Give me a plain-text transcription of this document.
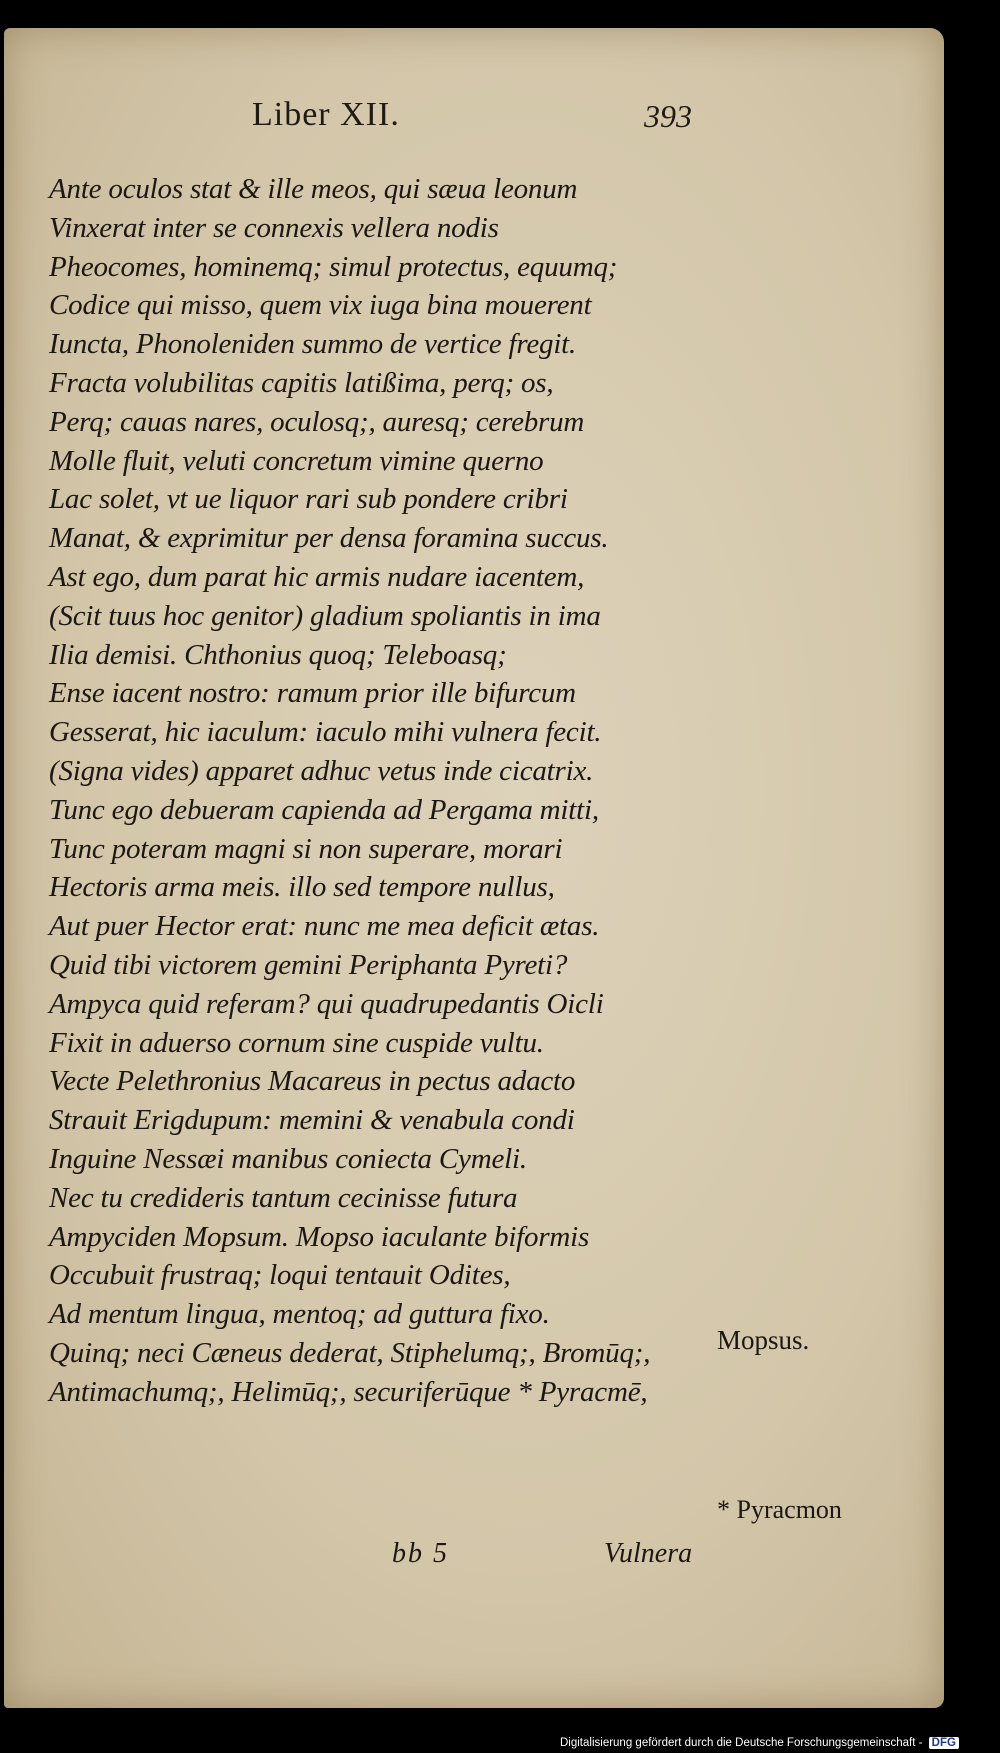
Liber XII.	393
Ante oculos stat & ille meos, qui sæua leonum
Vinxerat inter se connexis vellera nodis
Pheocomes, hominemq; simul protectus, equumq;
Codice qui misso, quem vix iuga bina mouerent
Iuncta, Phonoleniden summo de vertice fregit.
Fracta volubilitas capitis latißima, perq; os,
Perq; cauas nares, oculosq;, auresq; cerebrum
Molle fluit, veluti concretum vimine querno
Lac solet, vt ue liquor rari sub pondere cribri
Manat, & exprimitur per densa foramina succus.
Ast ego, dum parat hic armis nudare iacentem,
(Scit tuus hoc genitor) gladium spoliantis in ima
Ilia demisi. Chthonius quoq; Teleboasq;
Ense iacent nostro: ramum prior ille bifurcum
Gesserat, hic iaculum: iaculo mihi vulnera fecit.
(Signa vides) apparet adhuc vetus inde cicatrix.
Tunc ego debueram capienda ad Pergama mitti,
Tunc poteram magni si non superare, morari
Hectoris arma meis. illo sed tempore nullus,
Aut puer Hector erat: nunc me mea deficit ætas.
Quid tibi victorem gemini Periphanta Pyreti?
Ampyca quid referam? qui quadrupedantis Oicli
Fixit in aduerso cornum sine cuspide vultu.
Vecte Pelethronius Macareus in pectus adacto
Strauit Erigdupum: memini & venabula condi
Inguine Nessæi manibus coniecta Cymeli.
Nec tu credideris tantum cecinisse futura
Ampyciden Mopsum. Mopso iaculante biformis
Occubuit frustraq; loqui tentauit Odites,
Ad mentum lingua, mentoq; ad guttura fixo.
Quinq; neci Cæneus dederat, Stiphelumq;, Bromūq;,
Antimachumq;, Helimūq;, securiferūque * Pyracmē,
Mopsus.
* Pyracmon
bb 5	Vulnera
Digitalisierung gefördert durch die Deutsche Forschungsgemeinschaft - DFG
